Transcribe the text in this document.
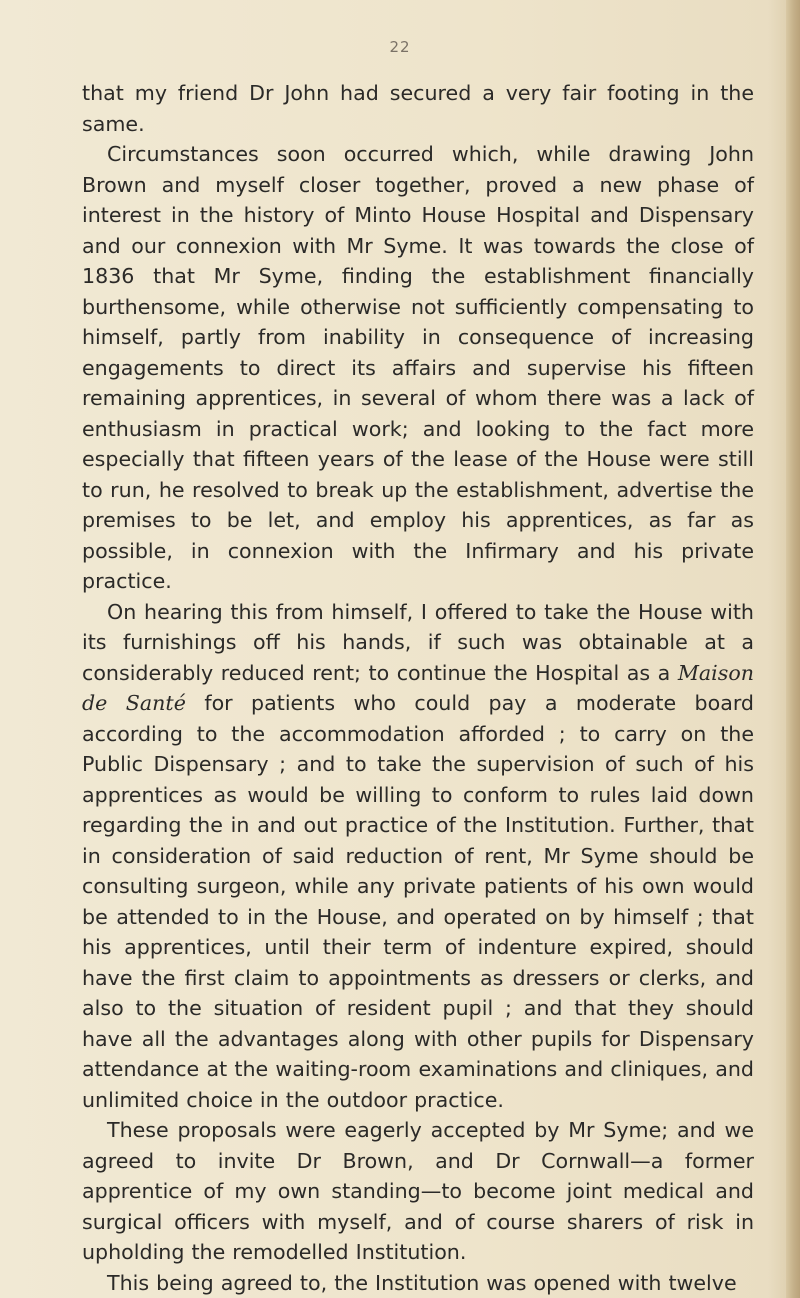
22

that my friend Dr John had secured a very fair footing in the same.

Circumstances soon occurred which, while drawing John Brown and myself closer together, proved a new phase of interest in the history of Minto House Hospital and Dispensary and our connexion with Mr Syme. It was towards the close of 1836 that Mr Syme, finding the establishment financially burthensome, while otherwise not sufficiently compensating to himself, partly from inability in consequence of increasing engagements to direct its affairs and supervise his fifteen remaining apprentices, in several of whom there was a lack of enthusiasm in practical work; and looking to the fact more especially that fifteen years of the lease of the House were still to run, he resolved to break up the establishment, advertise the premises to be let, and employ his apprentices, as far as possible, in connexion with the Infirmary and his private practice.

On hearing this from himself, I offered to take the House with its furnishings off his hands, if such was obtainable at a considerably reduced rent; to continue the Hospital as a Maison de Santé for patients who could pay a moderate board according to the accommodation afforded ; to carry on the Public Dispensary ; and to take the supervision of such of his apprentices as would be willing to conform to rules laid down regarding the in and out practice of the Institution. Further, that in consideration of said reduction of rent, Mr Syme should be consulting surgeon, while any private patients of his own would be attended to in the House, and operated on by himself ; that his apprentices, until their term of indenture expired, should have the first claim to appointments as dressers or clerks, and also to the situation of resident pupil ; and that they should have all the advantages along with other pupils for Dispensary attendance at the waiting-room examinations and cliniques, and unlimited choice in the outdoor practice.

These proposals were eagerly accepted by Mr Syme; and we agreed to invite Dr Brown, and Dr Cornwall—a former apprentice of my own standing—to become joint medical and surgical officers with myself, and of course sharers of risk in upholding the remodelled Institution.

This being agreed to, the Institution was opened with twelve
